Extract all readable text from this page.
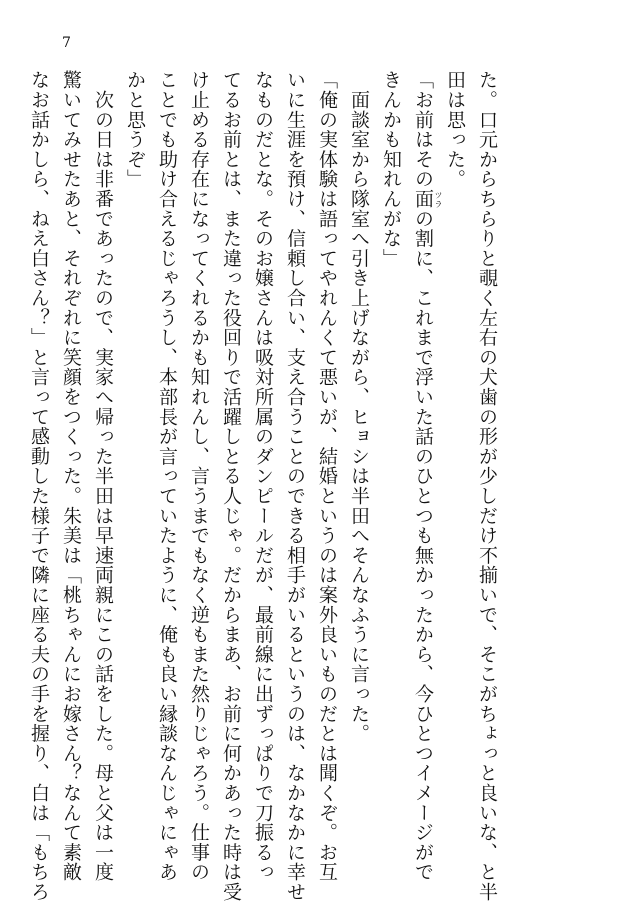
7
た。口元からちらりと覗く左右の犬歯の形が少しだけ不揃いで、そこがちょっと良いな、と半
田は思った。
「お前はその面 ツラ
の割に、これまで浮いた話のひとつも無かったから、今ひとつイメージがで
きんかも知れんがな」
　面談室から隊室へ引き上げながら、ヒョシは半田へそんなふうに言った。
「俺の実体験は語ってやれんくて悪いが、結婚というのは案外良いものだとは聞くぞ。お互
いに生涯を預け、信頼し合い、支え合うことのできる相手がいるというのは、なかなかに幸せ
なものだとな。そのお嬢さんは吸対所属のダンピールだが、最前線に出ずっぱりで刀振るっ
てるお前とは、また違った役回りで活躍しとる人じゃ。だからまあ、お前に何かあった時は受
け止める存在になってくれるかも知れんし、言うまでもなく逆もまた然りじゃろう。仕事の
ことでも助け合えるじゃろうし、本部長が言っていたように、俺も良い縁談なんじゃにゃあ
かと思うぞ」
　次の日は非番であったので、実家へ帰った半田は早速両親にこの話をした。母と父は一度
驚いてみせたあと、それぞれに笑顔をつくった。朱美は「桃ちゃんにお嫁さん？なんて素敵
なお話かしら、ねえ白さん？」と言って感動した様子で隣に座る夫の手を握り、白は「もちろ
